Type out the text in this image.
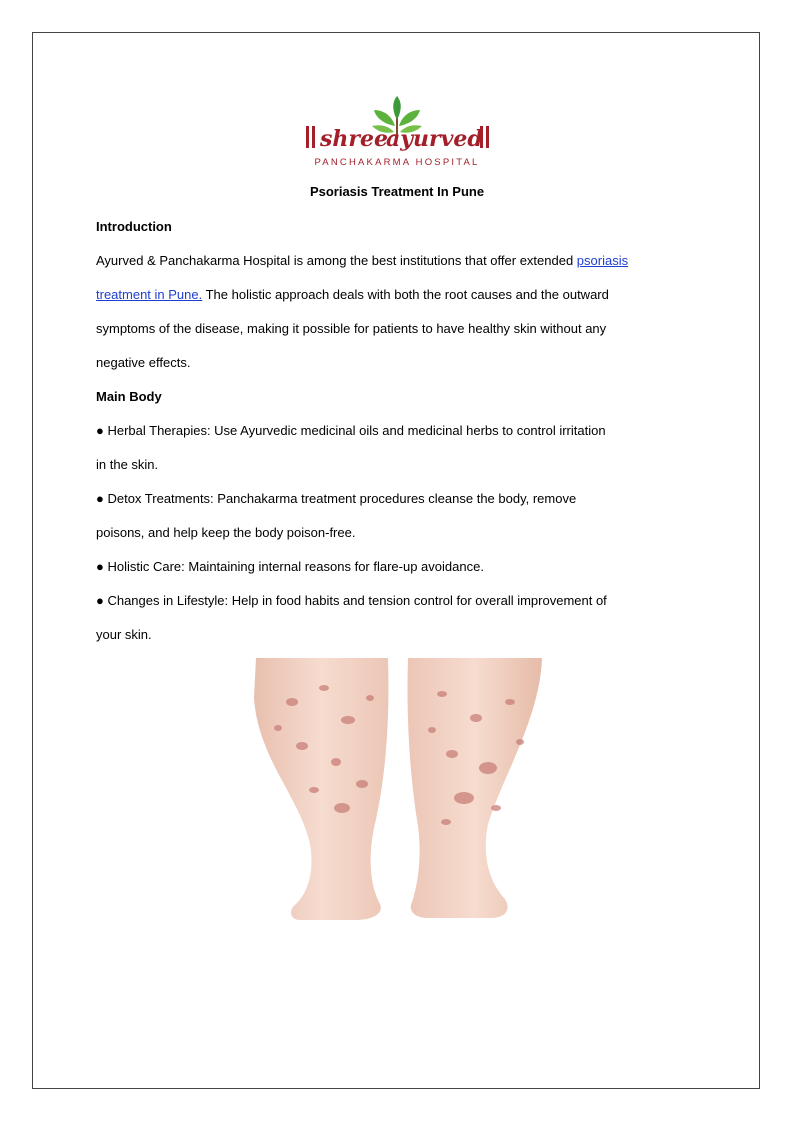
shree
ayurved
PANCHAKARMA HOSPITAL
Psoriasis Treatment In Pune
Introduction
Ayurved & Panchakarma Hospital is among the best institutions that offer extended psoriasis
treatment in Pune. The holistic approach deals with both the root causes and the outward
symptoms of the disease, making it possible for patients to have healthy skin without any
negative effects.
Main Body
● Herbal Therapies: Use Ayurvedic medicinal oils and medicinal herbs to control irritation
in the skin.
● Detox Treatments: Panchakarma treatment procedures cleanse the body, remove
poisons, and help keep the body poison-free.
● Holistic Care: Maintaining internal reasons for flare-up avoidance.
● Changes in Lifestyle: Help in food habits and tension control for overall improvement of
your skin.
